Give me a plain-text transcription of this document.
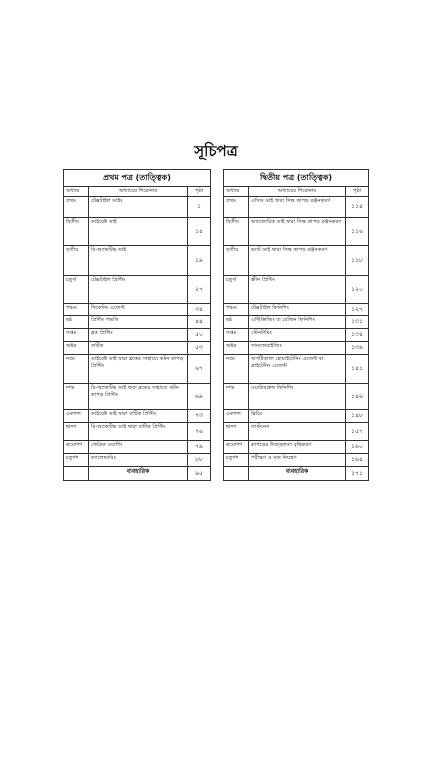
সূচিপত্র
প্রথম পত্র (তাত্ত্বিক)		
অধ্যায়	অধ্যায়ের শিরোনাম	পৃষ্ঠা
প্রথম	টেক্সটাইল ডাইং	১
দ্বিতীয়	ডাইরেক্ট ডাই	১৪
তৃতীয়	রি-অ্যাকটিভ ডাই	১৯
চতুর্থ	টেক্সটাইল প্রিন্টিং	২৭
পঞ্চম	থিকেনিং এজেন্ট	৩৪
ষষ্ঠ	প্রিন্টিং পদ্ধতি	৪৪
সপ্তম	ব্লক প্রিন্টিং	৫০
অষ্টম	বাটিক	৫৩
নবম	ডাইরেক্ট ডাই দ্বারা ব্লকের সাহায্যে কটন কাপড় প্রিন্টিং	৬৭
দশম	রি-অ্যাকটিভ ডাই দ্বারা ব্লকের সাহায্যে কটন কাপড় প্রিন্টিং	৬৯
একাদশ	ডাইরেক্ট ডাই দ্বারা বাটিক প্রিন্টিং	৭৩
দ্বাদশ	রি-অ্যাকটিভ ডাই দ্বারা বাটিক প্রিন্টিং	৭৬
ত্রয়োদশ	ফেব্রিক ওয়াশিং	৭৯
চতুর্দশ	ক্যালেন্ডারিং	৮৮
	ব্যবহারিক	৯৫
দ্বিতীয় পত্র (তাত্ত্বিক)		
অধ্যায়	অধ্যায়ের শিরোনাম	পৃষ্ঠা
প্রথম	এসিড ডাই দ্বারা সিল্ক কাপড় রঞ্জনকরণ	১১৪
দ্বিতীয়	অ্যাজোয়িক ডাই দ্বারা সিল্ক কাপড় রঞ্জনকরণ	১১৬
তৃতীয়	ভ্যাট ডাই দ্বারা সিল্ক কাপড় রঞ্জনকরণ	১১৮
চতুর্থ	স্ক্রীন প্রিন্টিং	১২০
পঞ্চম	টেক্সটাইল ফিনিশিং	১২৭
ষষ্ঠ	এন্টিক্রিজিং বা রেজিন ফিনিশিং	১৩১
সপ্তম	স্টেনটারিং	১৩৪
অষ্টম	সানফোরাইজিং	১৩৯
নবম	অপটিক্যাল হোয়াইটেনিং এজেন্ট বা ব্রাইটেনিং এজেন্ট	১৪১
দশম	ওয়াটারপ্রুফ ফিনিশিং	১৪৬
একাদশ	ব্লিচিং	১৪৮
দ্বাদশ	ফাস্টনেস	১৫৭
ত্রয়োদশ	কাপড়ের উজ্জ্বলতা বৃদ্ধিকরণ	১৬০
চতুর্দশ	পরীক্ষণ ও মান নিয়ন্ত্রণ	১৬৪
	ব্যবহারিক	১৭১
